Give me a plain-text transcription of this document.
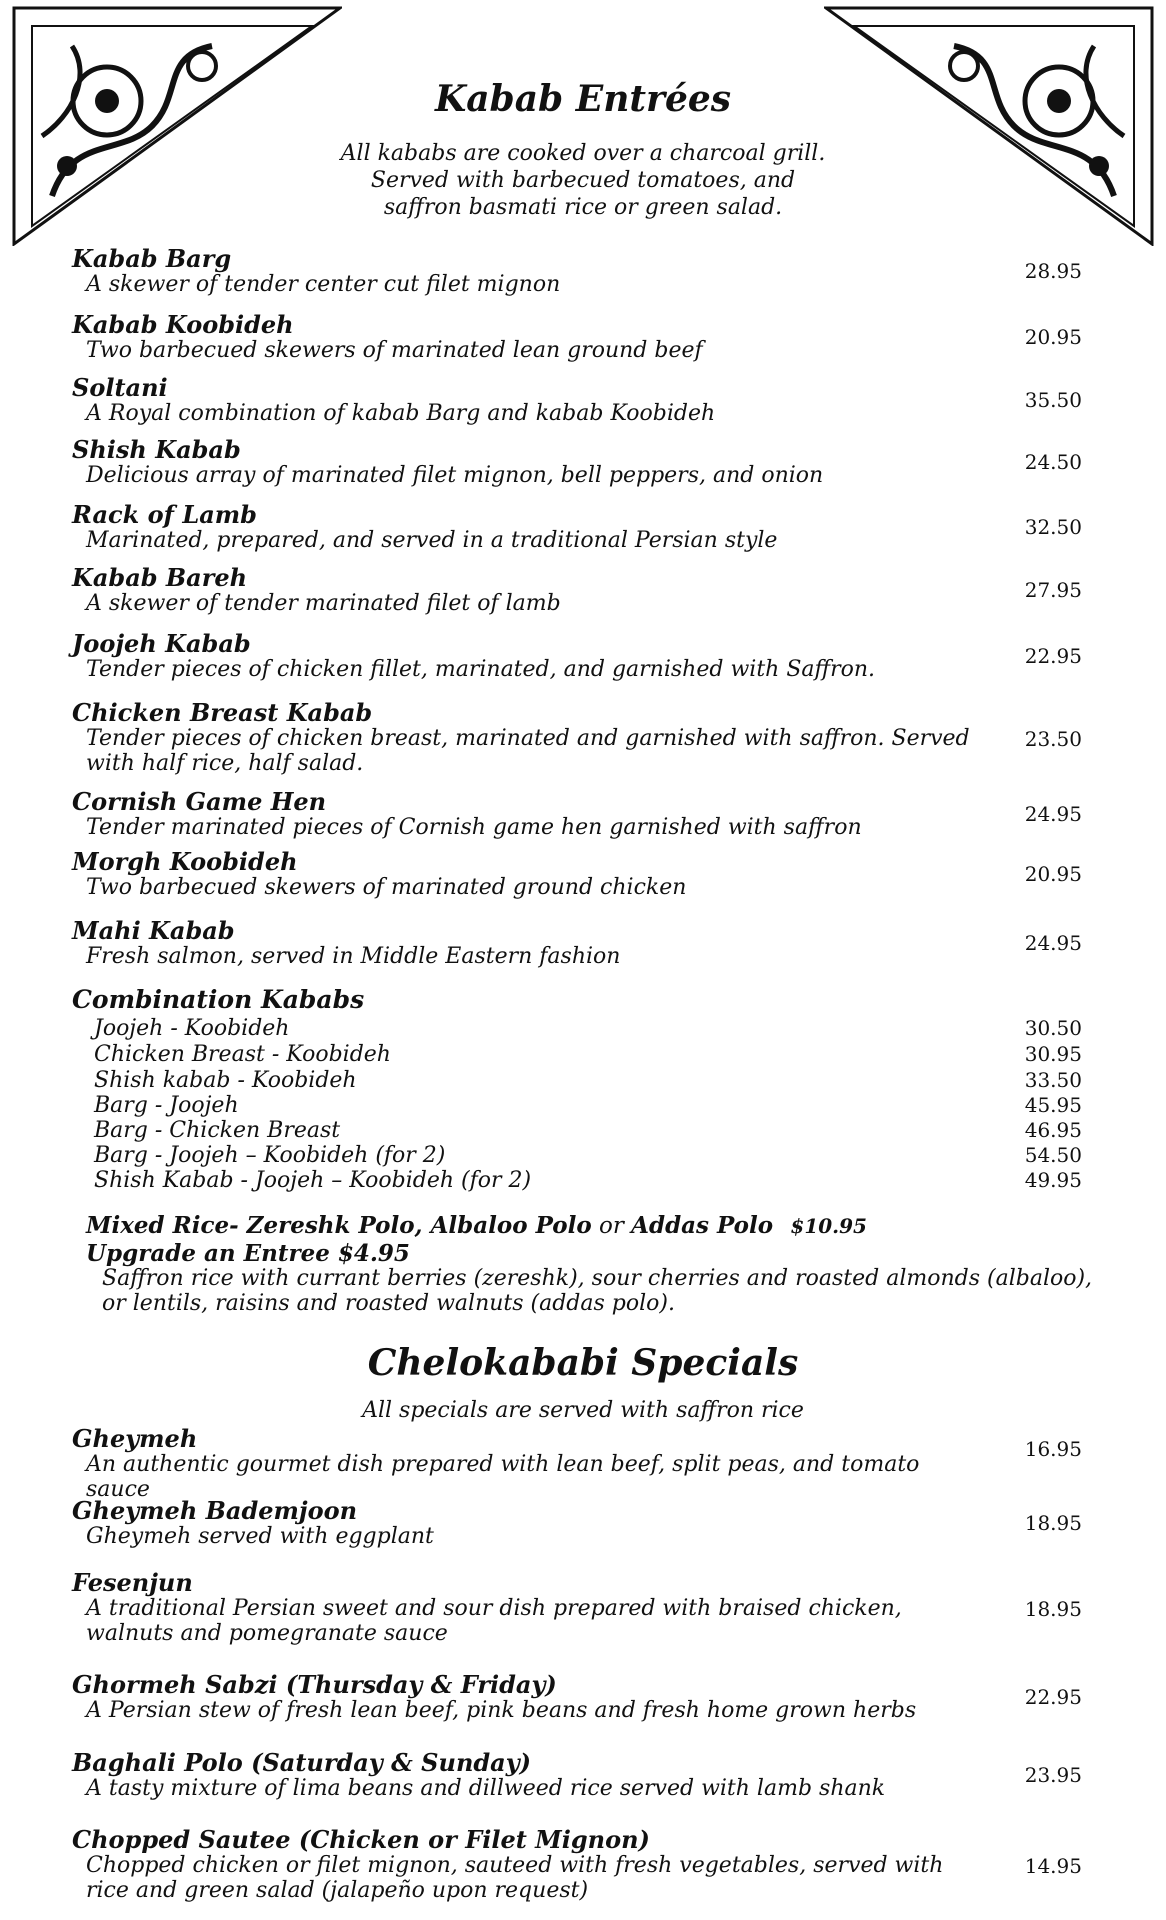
Kabab Entrées
All kababs are cooked over a charcoal grill.
Served with barbecued tomatoes, and
saffron basmati rice or green salad.
Kabab Barg
A skewer of tender center cut filet mignon
28.95
Kabab Koobideh
Two barbecued skewers of marinated lean ground beef
20.95
Soltani
A Royal combination of kabab Barg and kabab Koobideh
35.50
Shish Kabab
Delicious array of marinated filet mignon, bell peppers, and onion
24.50
Rack of Lamb
Marinated, prepared, and served in a traditional Persian style
32.50
Kabab Bareh
A skewer of tender marinated filet of lamb
27.95
Joojeh Kabab
Tender pieces of chicken fillet, marinated, and garnished with Saffron.
22.95
Chicken Breast Kabab
Tender pieces of chicken breast, marinated and garnished with saffron. Served with half rice, half salad.
23.50
Cornish Game Hen
Tender marinated pieces of Cornish game hen garnished with saffron
24.95
Morgh Koobideh
Two barbecued skewers of marinated ground chicken
20.95
Mahi Kabab
Fresh salmon, served in Middle Eastern fashion
24.95
Combination Kababs
Joojeh - Koobideh	30.50
Chicken Breast - Koobideh	30.95
Shish kabab - Koobideh	33.50
Barg - Joojeh	45.95
Barg - Chicken Breast	46.95
Barg - Joojeh – Koobideh (for 2)	54.50
Shish Kabab - Joojeh – Koobideh (for 2)	49.95
Mixed Rice- Zereshk Polo, Albaloo Polo or Addas Polo $10.95
Upgrade an Entree $4.95
Saffron rice with currant berries (zereshk), sour cherries and roasted almonds (albaloo), or lentils, raisins and roasted walnuts (addas polo).
Chelokababi Specials
All specials are served with saffron rice
Gheymeh
An authentic gourmet dish prepared with lean beef, split peas, and tomato sauce
16.95
Gheymeh Bademjoon
Gheymeh served with eggplant
18.95
Fesenjun
A traditional Persian sweet and sour dish prepared with braised chicken, walnuts and pomegranate sauce
18.95
Ghormeh Sabzi (Thursday & Friday)
A Persian stew of fresh lean beef, pink beans and fresh home grown herbs
22.95
Baghali Polo (Saturday & Sunday)
A tasty mixture of lima beans and dillweed rice served with lamb shank
23.95
Chopped Sautee (Chicken or Filet Mignon)
Chopped chicken or filet mignon, sauteed with fresh vegetables, served with rice and green salad (jalapeño upon request)
14.95
